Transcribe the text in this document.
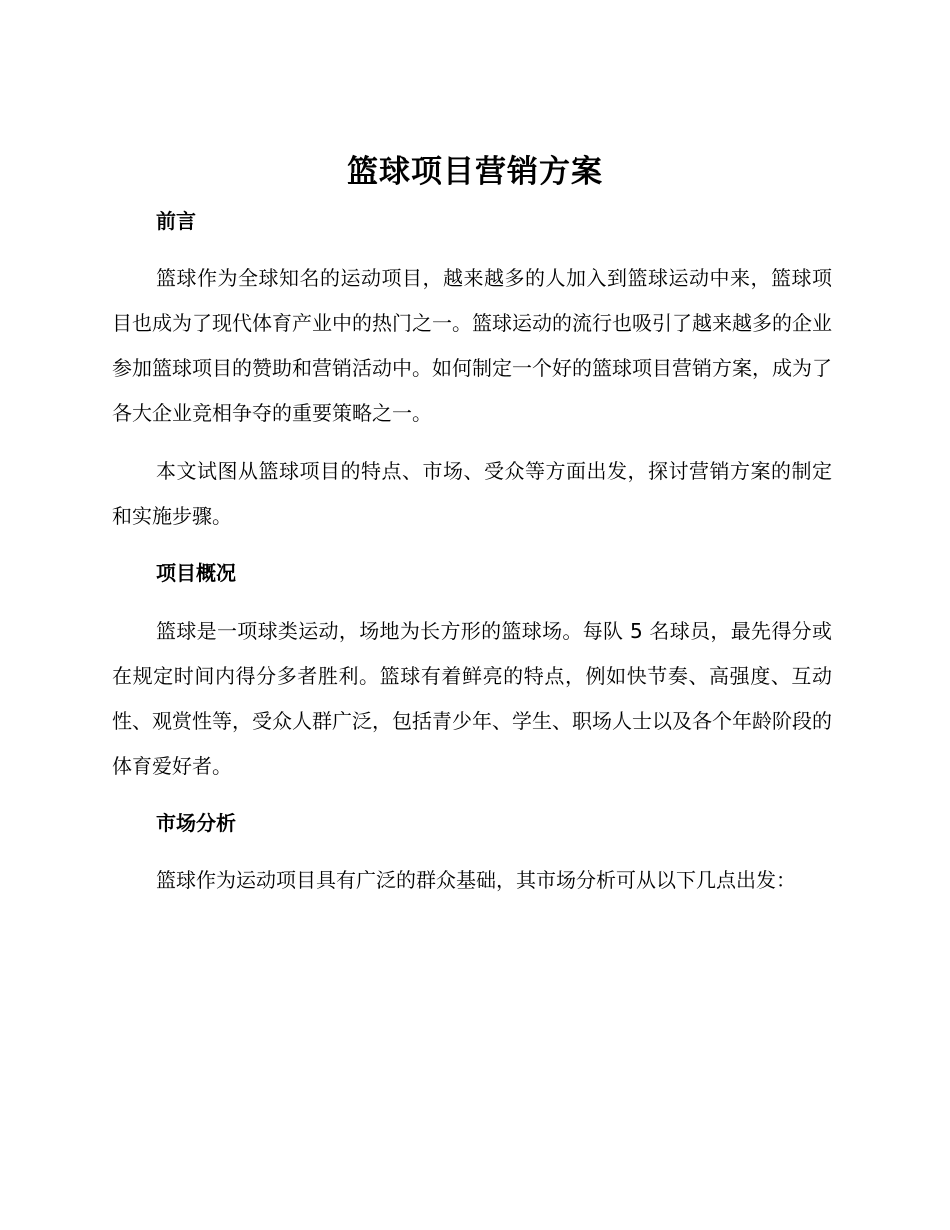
篮球项目营销方案
前言

篮球作为全球知名的运动项目，越来越多的人加入到篮球运动中来，篮球项目也成为了现代体育产业中的热门之一。篮球运动的流行也吸引了越来越多的企业参加篮球项目的赞助和营销活动中。如何制定一个好的篮球项目营销方案，成为了各大企业竞相争夺的重要策略之一。

本文试图从篮球项目的特点、市场、受众等方面出发，探讨营销方案的制定和实施步骤。

项目概况

篮球是一项球类运动，场地为长方形的篮球场。每队 5 名球员，最先得分或在规定时间内得分多者胜利。篮球有着鲜亮的特点，例如快节奏、高强度、互动性、观赏性等，受众人群广泛，包括青少年、学生、职场人士以及各个年龄阶段的体育爱好者。

市场分析

篮球作为运动项目具有广泛的群众基础，其市场分析可从以下几点出发：
